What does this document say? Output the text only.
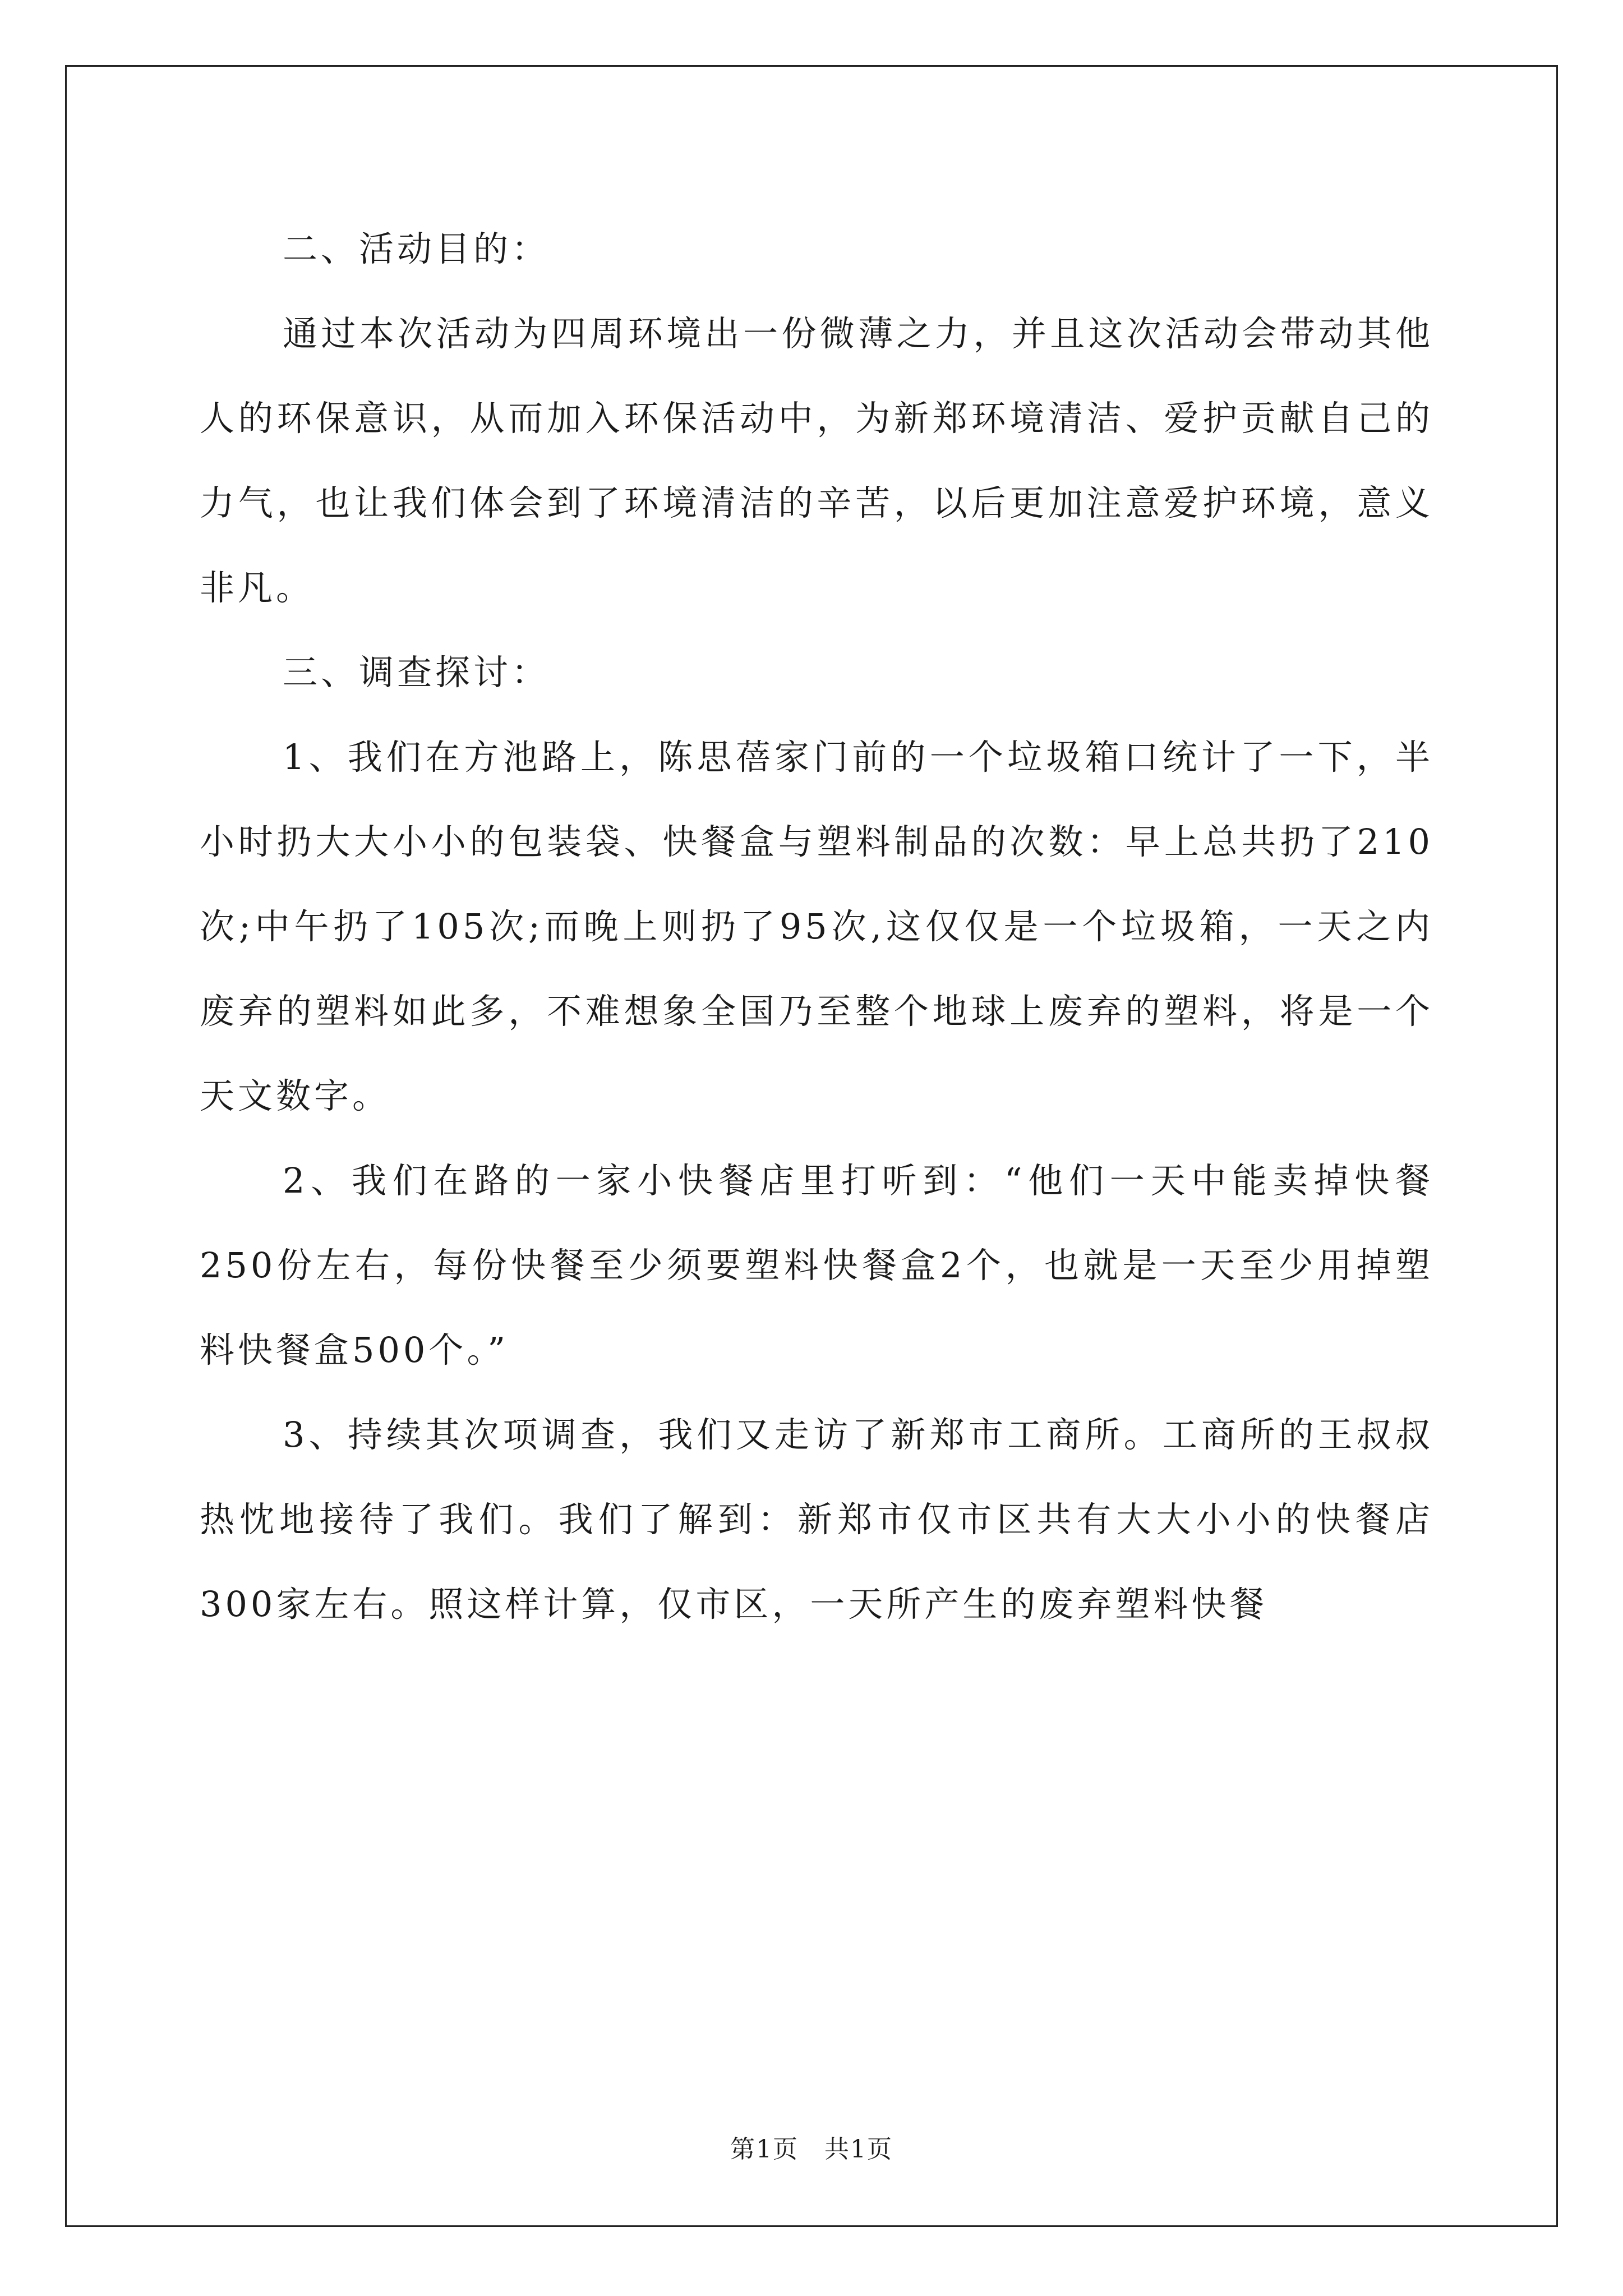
二、活动目的：

通过本次活动为四周环境出一份微薄之力，并且这次活动会带动其他人的环保意识，从而加入环保活动中，为新郑环境清洁、爱护贡献自己的力气，也让我们体会到了环境清洁的辛苦，以后更加注意爱护环境，意义非凡。

三、调查探讨：

1、我们在方池路上，陈思蓓家门前的一个垃圾箱口统计了一下，半小时扔大大小小的包装袋、快餐盒与塑料制品的次数：早上总共扔了210次;中午扔了105次;而晚上则扔了95次,这仅仅是一个垃圾箱，一天之内废弃的塑料如此多，不难想象全国乃至整个地球上废弃的塑料，将是一个天文数字。

2、我们在路的一家小快餐店里打听到：“他们一天中能卖掉快餐250份左右，每份快餐至少须要塑料快餐盒2个，也就是一天至少用掉塑料快餐盒500个。”

3、持续其次项调查，我们又走访了新郑市工商所。工商所的王叔叔热忱地接待了我们。我们了解到：新郑市仅市区共有大大小小的快餐店300家左右。照这样计算，仅市区，一天所产生的废弃塑料快餐

第1页　共1页
